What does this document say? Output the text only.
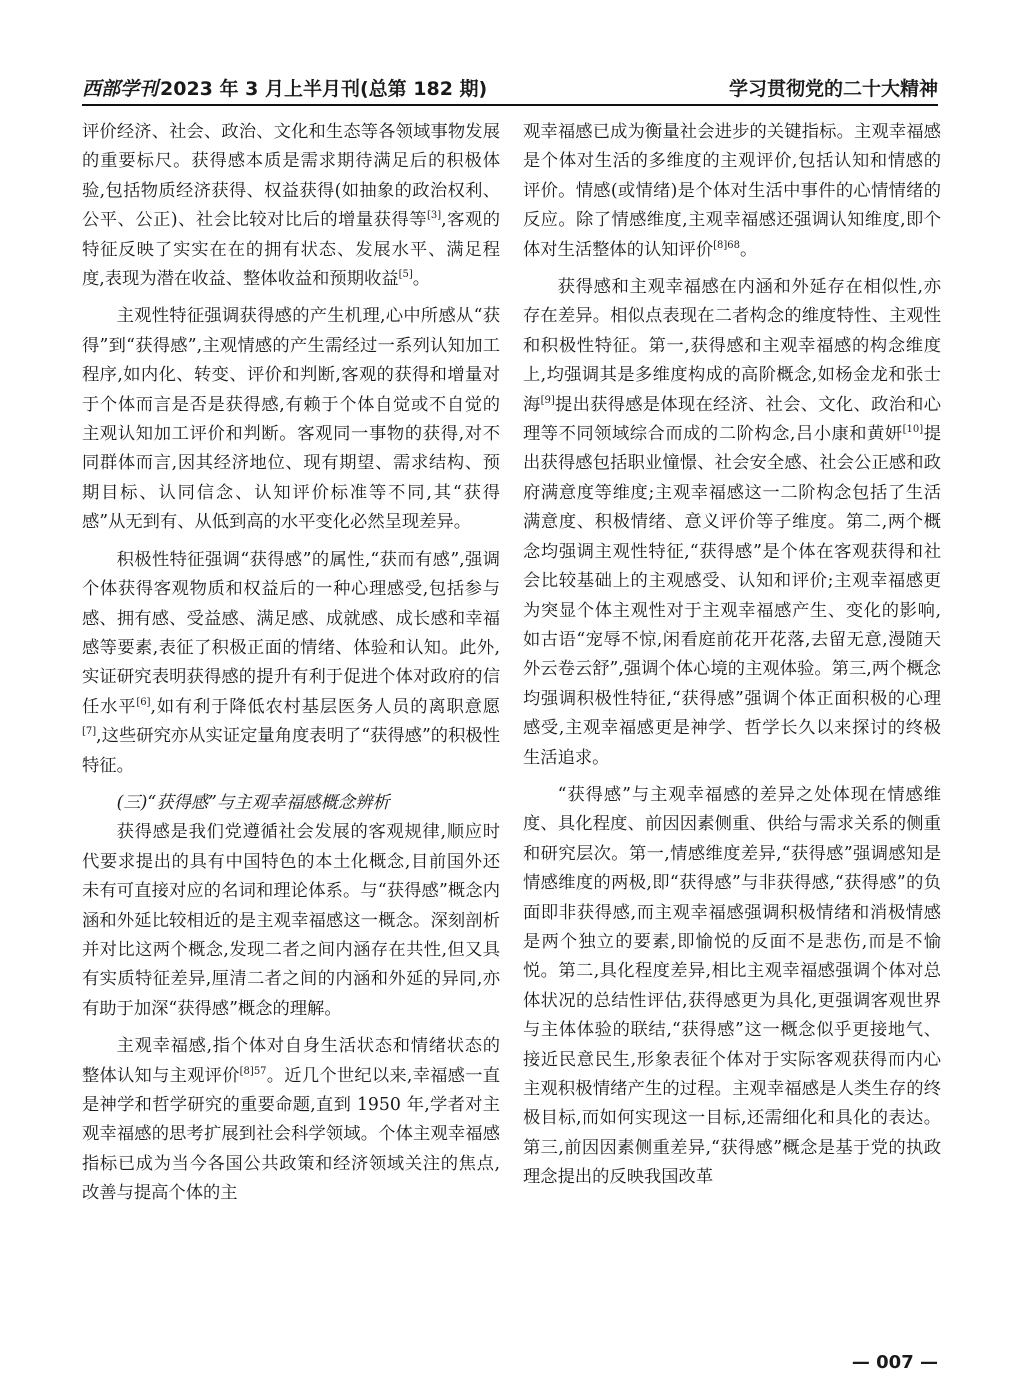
西部学刊 2023 年 3 月上半月刊(总第 182 期)	学习贯彻党的二十大精神

评价经济、社会、政治、文化和生态等各领域事物发展的重要标尺。获得感本质是需求期待满足后的积极体验,包括物质经济获得、权益获得(如抽象的政治权利、公平、公正)、社会比较对比后的增量获得等[3],客观的特征反映了实实在在的拥有状态、发展水平、满足程度,表现为潜在收益、整体收益和预期收益[5]。

主观性特征强调获得感的产生机理,心中所感从“获得”到“获得感”,主观情感的产生需经过一系列认知加工程序,如内化、转变、评价和判断,客观的获得和增量对于个体而言是否是获得感,有赖于个体自觉或不自觉的主观认知加工评价和判断。客观同一事物的获得,对不同群体而言,因其经济地位、现有期望、需求结构、预期目标、认同信念、认知评价标准等不同,其“获得感”从无到有、从低到高的水平变化必然呈现差异。

积极性特征强调“获得感”的属性,“获而有感”,强调个体获得客观物质和权益后的一种心理感受,包括参与感、拥有感、受益感、满足感、成就感、成长感和幸福感等要素,表征了积极正面的情绪、体验和认知。此外,实证研究表明获得感的提升有利于促进个体对政府的信任水平[6],如有利于降低农村基层医务人员的离职意愿[7],这些研究亦从实证定量角度表明了“获得感”的积极性特征。

(三)“获得感”与主观幸福感概念辨析

获得感是我们党遵循社会发展的客观规律,顺应时代要求提出的具有中国特色的本土化概念,目前国外还未有可直接对应的名词和理论体系。与“获得感”概念内涵和外延比较相近的是主观幸福感这一概念。深刻剖析并对比这两个概念,发现二者之间内涵存在共性,但又具有实质特征差异,厘清二者之间的内涵和外延的异同,亦有助于加深“获得感”概念的理解。

主观幸福感,指个体对自身生活状态和情绪状态的整体认知与主观评价$^{[8]57}$。近几个世纪以来,幸福感一直是神学和哲学研究的重要命题,直到 1950 年,学者对主观幸福感的思考扩展到社会科学领域。个体主观幸福感指标已成为当今各国公共政策和经济领域关注的焦点,改善与提高个体的主

观幸福感已成为衡量社会进步的关键指标。主观幸福感是个体对生活的多维度的主观评价,包括认知和情感的评价。情感(或情绪)是个体对生活中事件的心情情绪的反应。除了情感维度,主观幸福感还强调认知维度,即个体对生活整体的认知评价$^{[8]68}$。

获得感和主观幸福感在内涵和外延存在相似性,亦存在差异。相似点表现在二者构念的维度特性、主观性和积极性特征。第一,获得感和主观幸福感的构念维度上,均强调其是多维度构成的高阶概念,如杨金龙和张士海[9]提出获得感是体现在经济、社会、文化、政治和心理等不同领域综合而成的二阶构念,吕小康和黄妍[10]提出获得感包括职业憧憬、社会安全感、社会公正感和政府满意度等维度;主观幸福感这一二阶构念包括了生活满意度、积极情绪、意义评价等子维度。第二,两个概念均强调主观性特征,“获得感”是个体在客观获得和社会比较基础上的主观感受、认知和评价;主观幸福感更为突显个体主观性对于主观幸福感产生、变化的影响,如古语“宠辱不惊,闲看庭前花开花落,去留无意,漫随天外云卷云舒”,强调个体心境的主观体验。第三,两个概念均强调积极性特征,“获得感”强调个体正面积极的心理感受,主观幸福感更是神学、哲学长久以来探讨的终极生活追求。

“获得感”与主观幸福感的差异之处体现在情感维度、具化程度、前因因素侧重、供给与需求关系的侧重和研究层次。第一,情感维度差异,“获得感”强调感知是情感维度的两极,即“获得感”与非获得感,“获得感”的负面即非获得感,而主观幸福感强调积极情绪和消极情感是两个独立的要素,即愉悦的反面不是悲伤,而是不愉悦。第二,具化程度差异,相比主观幸福感强调个体对总体状况的总结性评估,获得感更为具化,更强调客观世界与主体体验的联结,“获得感”这一概念似乎更接地气、接近民意民生,形象表征个体对于实际客观获得而内心主观积极情绪产生的过程。主观幸福感是人类生存的终极目标,而如何实现这一目标,还需细化和具化的表达。第三,前因因素侧重差异,“获得感”概念是基于党的执政理念提出的反映我国改革

— 007 —
